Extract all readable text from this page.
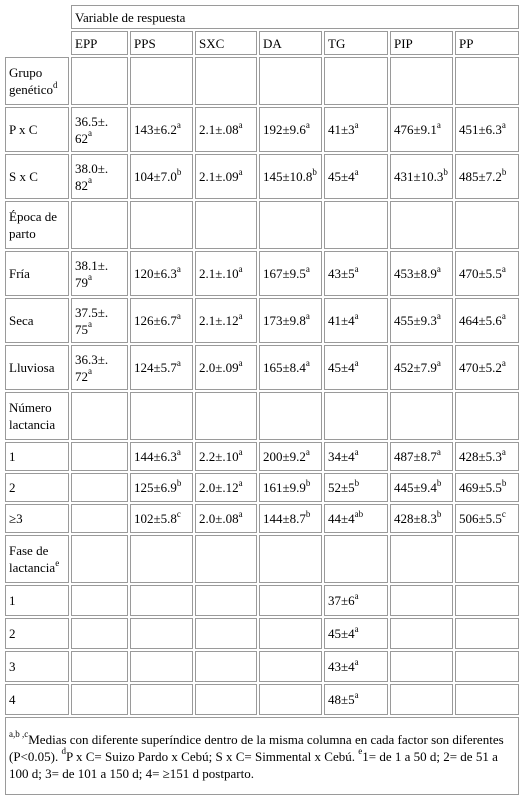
	Variable de respuesta						
	EPP	PPS	SXC	DA	TG	PIP	PP
Grupo genético$^d$							
P x C	36.5±. 62$^a$	143±6.2$^a$	2.1±.08$^a$	192±9.6$^a$	$41\pm 3^a$	476±9.1$^a$	451±6.3$^a$
S x C	38.0±. 82$^a$	104±7.0$^b$	2.1±.09$^a$	145±10.8$^b$	$45\pm 4^a$	431±10.3$^b$	485±7.2$^b$
Época de parto							
Fría	38.1±. 79$^a$	120±6.3$^a$	2.1±.10$^a$	167±9.5$^a$	$43\pm 5^a$	453±8.9$^a$	470±5.5$^a$
Seca	37.5±. 75$^a$	126±6.7$^a$	2.1±.12$^a$	173±9.8$^a$	$41\pm 4^a$	455±9.3$^a$	464±5.6$^a$
Lluviosa	36.3±. 72$^a$	124±5.7$^a$	2.0±.09$^a$	165±8.4$^a$	$45\pm 4^a$	452±7.9$^a$	470±5.2$^a$
Número lactancia							
1		144±6.3$^a$	2.2±.10$^a$	200±9.2$^a$	$34\pm 4^a$	487±8.7$^a$	428±5.3$^a$
2		125±6.9$^b$	2.0±.12$^a$	161±9.9$^b$	$52\pm 5^b$	445±9.4$^b$	469±5.5$^b$
≥3		102±5.8$^c$	2.0±.08$^a$	144±8.7$^b$	$44\pm 4^{ab}$	428±8.3$^b$	506±5.5$^c$
Fase de lactancia$^e$							
1					$37\pm 6^a$		
2					$45\pm 4^a$		
3					$43\pm 4^a$		
4					$48\pm 5^a$		
$^{a,b ,c}$Medias con diferente superíndice dentro de la misma columna en cada factor son diferentes (P<0.05). $^d$P x C= Suizo Pardo x Cebú; S x C= Simmental x Cebú. $^e$1= de 1 a 50 d; 2= de 51 a 100 d; 3= de 101 a 150 d; 4= ≥151 d postparto.							
